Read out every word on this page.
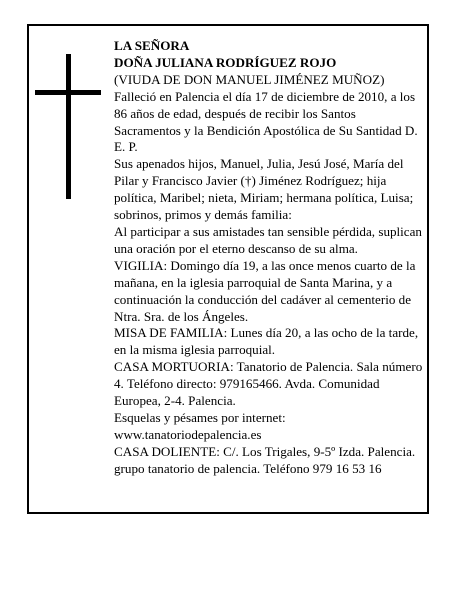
LA SEÑORA
DOÑA JULIANA RODRÍGUEZ ROJO
(VIUDA DE DON MANUEL JIMÉNEZ MUÑOZ)
Falleció en Palencia el día 17 de diciembre de 2010, a los 86 años de edad, después de recibir los Santos Sacramentos y la Bendición Apostólica de Su Santidad D. E. P.
Sus apenados hijos, Manuel, Julia, Jesú José, María del Pilar y Francisco Javier (†) Jiménez Rodríguez; hija política, Maribel; nieta, Miriam; hermana política, Luisa; sobrinos, primos y demás familia:
Al participar a sus amistades tan sensible pérdida, suplican una oración por el eterno descanso de su alma.
VIGILIA: Domingo día 19, a las once menos cuarto de la mañana, en la iglesia parroquial de Santa Marina, y a continuación la conducción del cadáver al cementerio de Ntra. Sra. de los Ángeles.
MISA DE FAMILIA: Lunes día 20, a las ocho de la tarde, en la misma iglesia parroquial.
CASA MORTUORIA: Tanatorio de Palencia. Sala número 4. Teléfono directo: 979165466. Avda. Comunidad Europea, 2-4. Palencia.
Esquelas y pésames por internet: www.tanatoriodepalencia.es
CASA DOLIENTE: C/. Los Trigales, 9-5º Izda. Palencia.
grupo tanatorio de palencia. Teléfono 979 16 53 16
